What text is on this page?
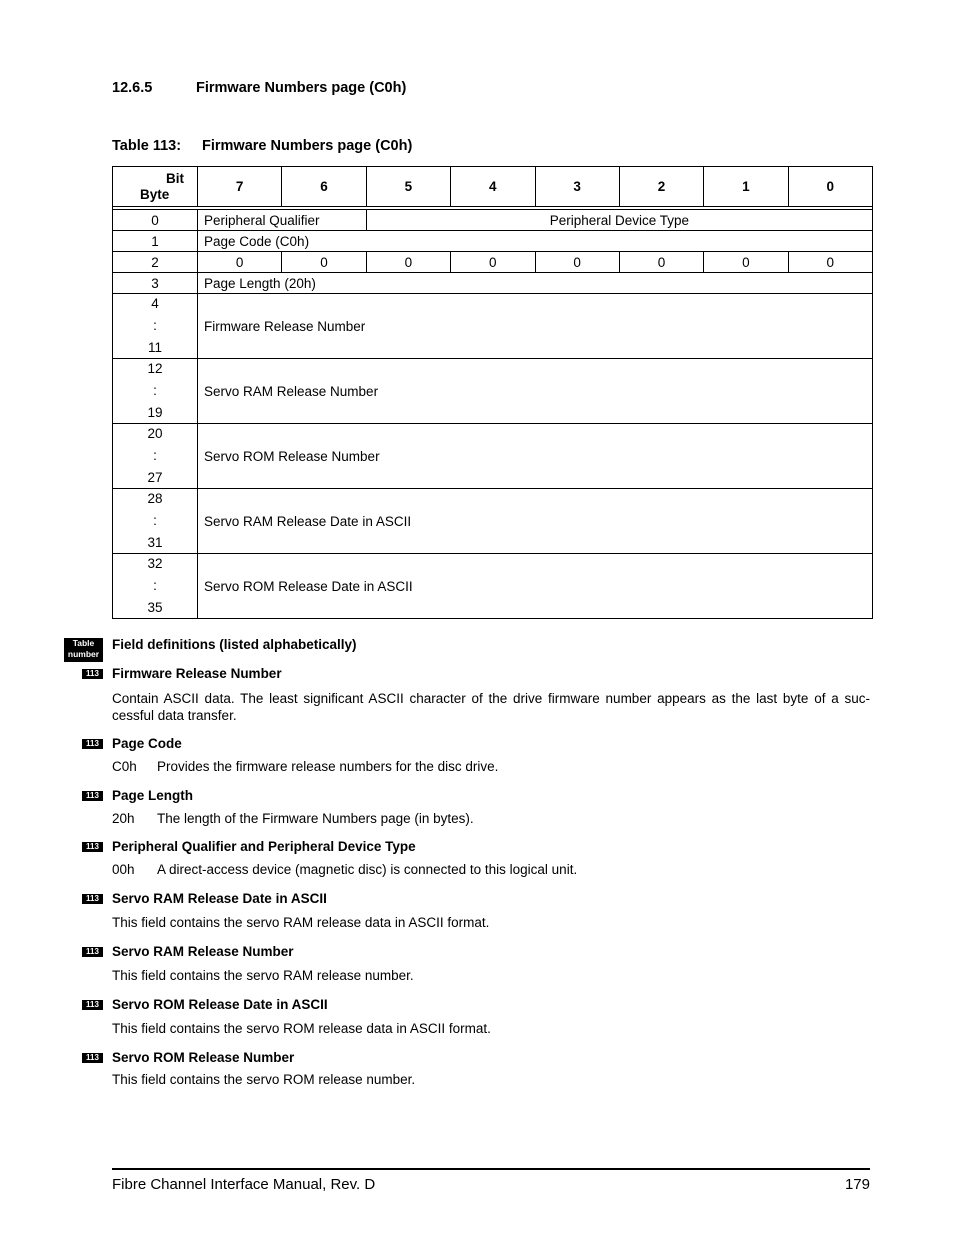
12.6.5	Firmware Numbers page (C0h)
Table 113: Firmware Numbers page (C0h)
Bit
Byte	7	6	5	4	3	2	1	0

0	Peripheral Qualifier		Peripheral Device Type					
1	Page Code (C0h)							
2	0	0	0	0	0	0	0	0
3	Page Length (20h)							

4
:
11	Firmware Release Number							

12
:
19	Servo RAM Release Number							

20
:
27	Servo ROM Release Number							

28
:
31	Servo RAM Release Date in ASCII							

32
:
35	Servo ROM Release Date in ASCII							
Table
number
Field definitions (listed alphabetically)
113 Firmware Release Number
Contain ASCII data. The least significant ASCII character of the drive firmware number appears as the last byte of a suc-cessful data transfer.
113 Page Code
C0h Provides the firmware release numbers for the disc drive.
113 Page Length
20h The length of the Firmware Numbers page (in bytes).
113 Peripheral Qualifier and Peripheral Device Type
00h A direct-access device (magnetic disc) is connected to this logical unit.
113 Servo RAM Release Date in ASCII
This field contains the servo RAM release data in ASCII format.
113 Servo RAM Release Number
This field contains the servo RAM release number.
113 Servo ROM Release Date in ASCII
This field contains the servo ROM release data in ASCII format.
113 Servo ROM Release Number
This field contains the servo ROM release number.
Fibre Channel Interface Manual, Rev. D	179
